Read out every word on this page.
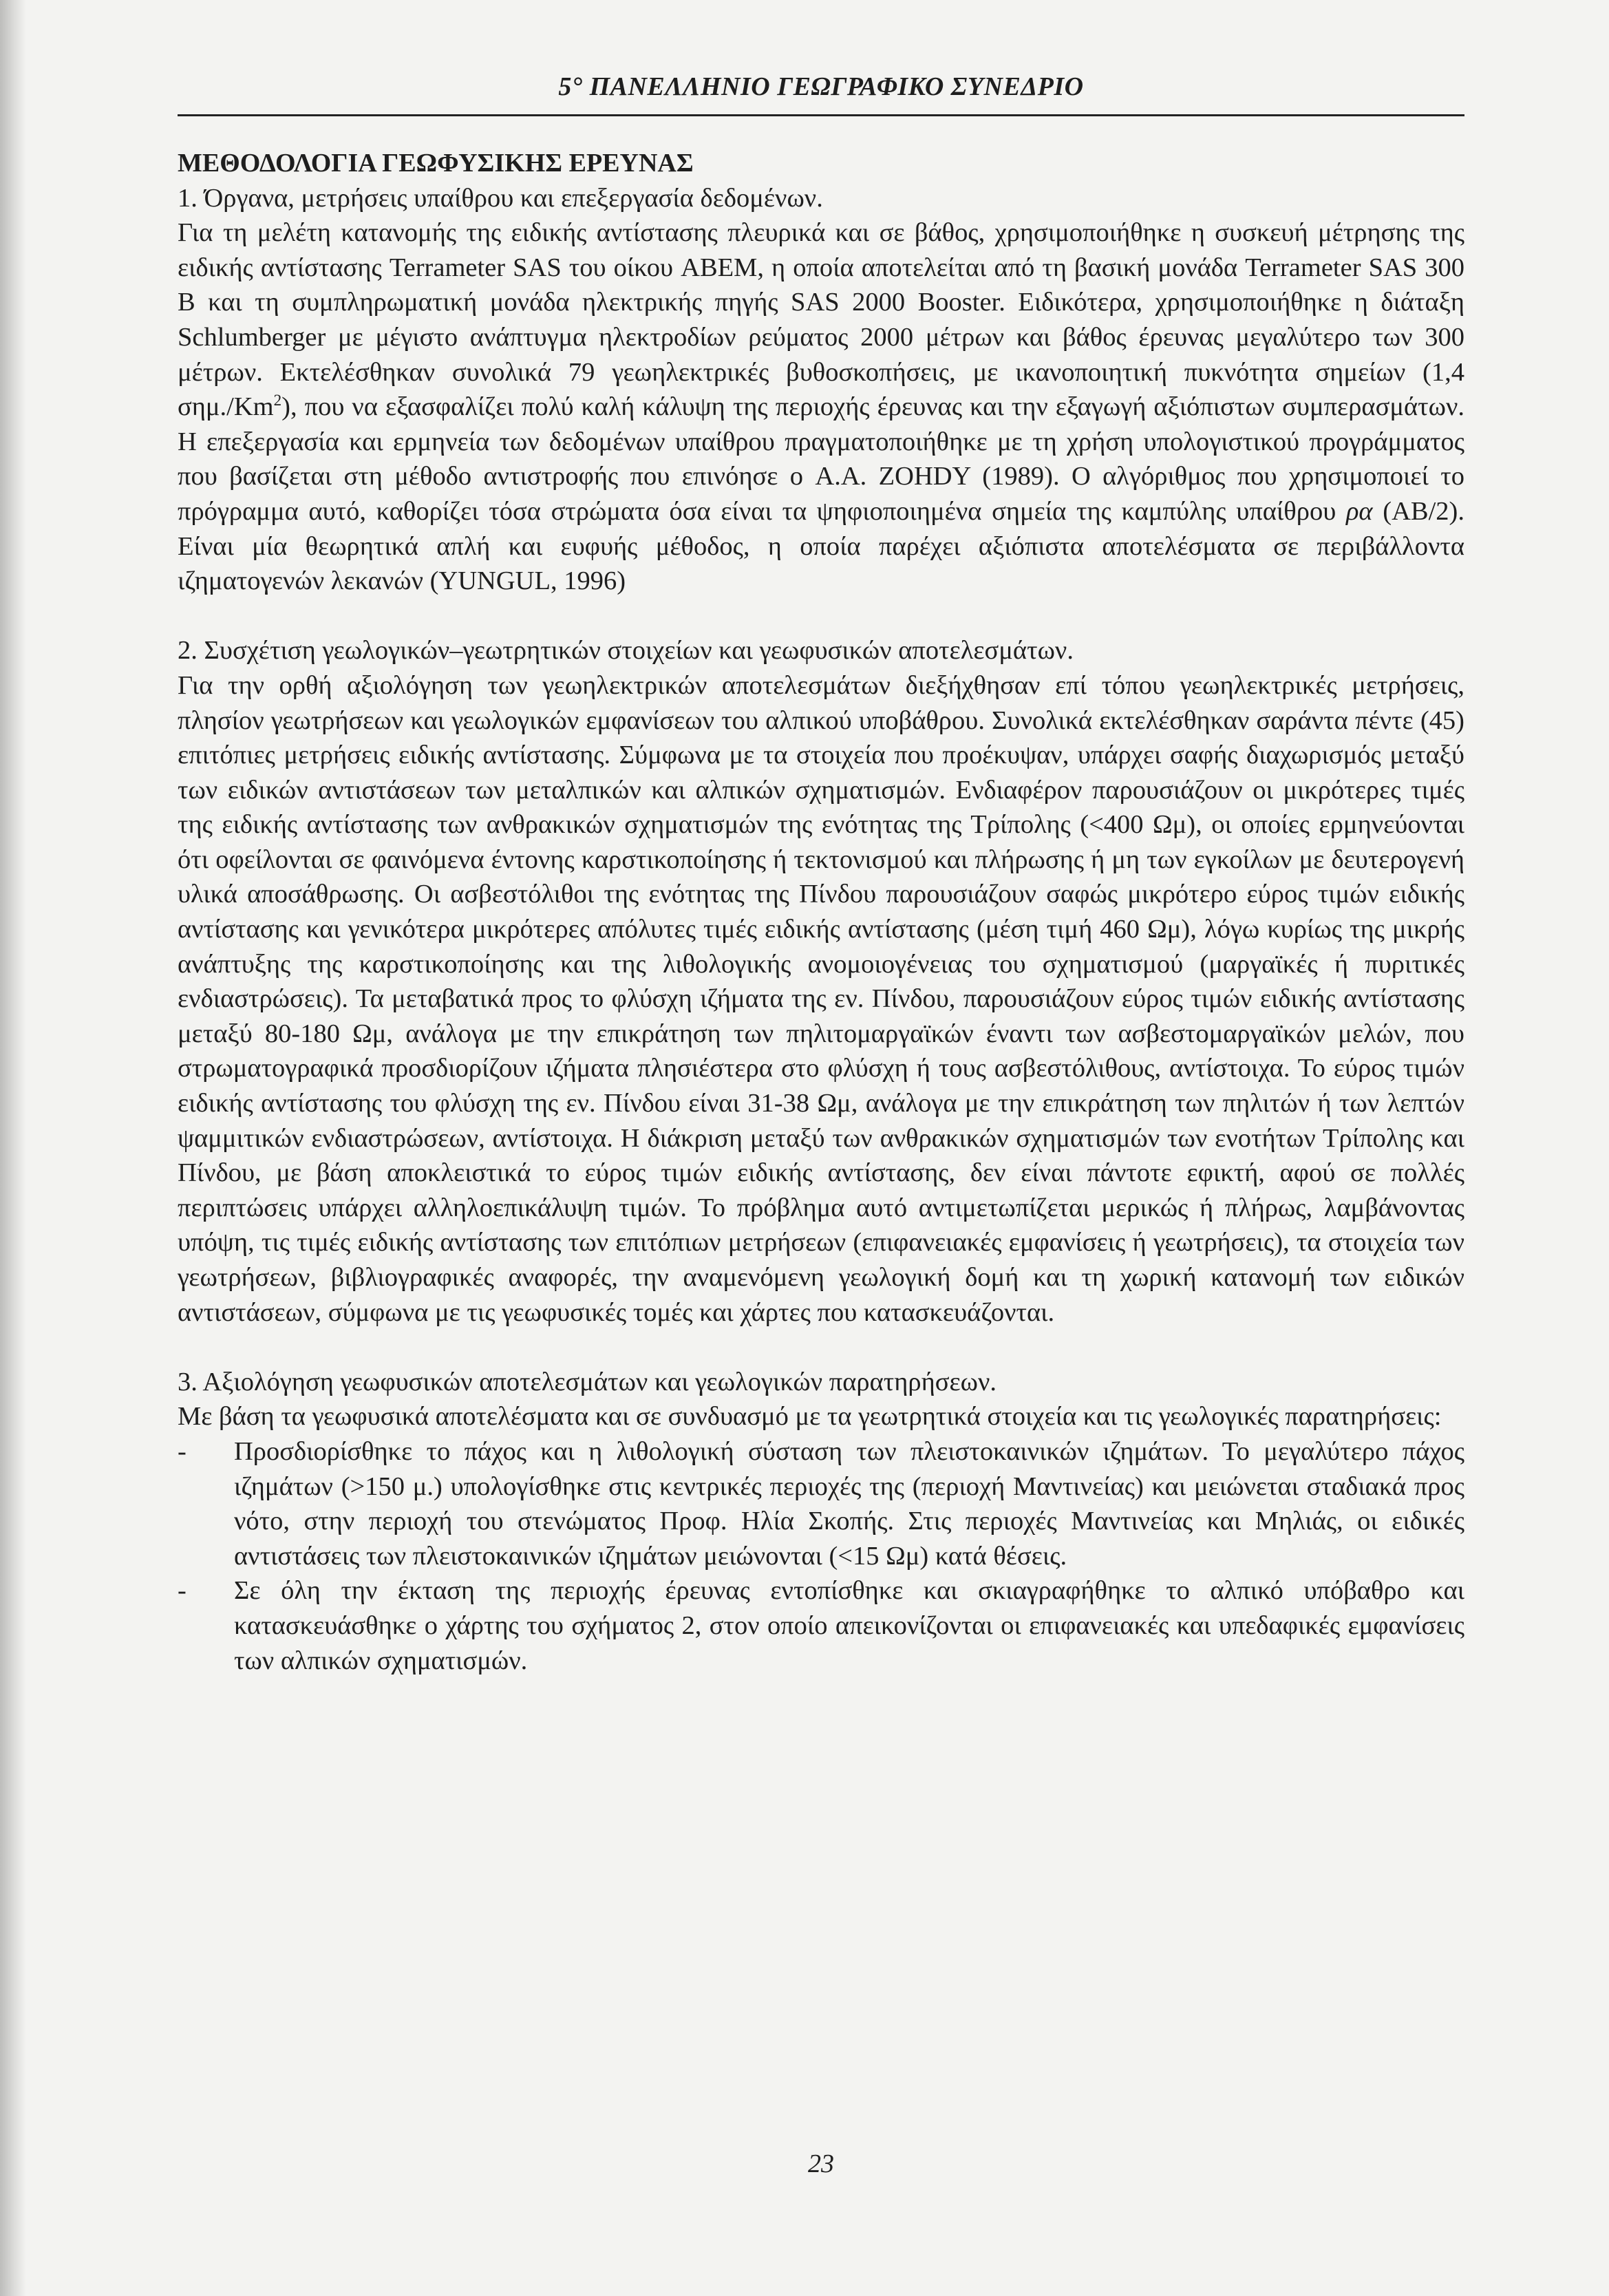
5° ΠΑΝΕΛΛΗΝΙΟ ΓΕΩΓΡΑΦΙΚΟ ΣΥΝΕΔΡΙΟ

ΜΕΘΟΔΟΛΟΓΙΑ ΓΕΩΦΥΣΙΚΗΣ ΕΡΕΥΝΑΣ

1. Όργανα, μετρήσεις υπαίθρου και επεξεργασία δεδομένων.

Για τη μελέτη κατανομής της ειδικής αντίστασης πλευρικά και σε βάθος, χρησιμοποιήθηκε η συσκευή μέτρησης της ειδικής αντίστασης Terrameter SAS του οίκου ABEM, η οποία αποτελείται από τη βασική μονάδα Terrameter SAS 300 B και τη συμπληρωματική μονάδα ηλεκτρικής πηγής SAS 2000 Booster. Ειδικότερα, χρησιμοποιήθηκε η διάταξη Schlumberger με μέγιστο ανάπτυγμα ηλεκτροδίων ρεύματος 2000 μέτρων και βάθος έρευνας μεγαλύτερο των 300 μέτρων. Εκτελέσθηκαν συνολικά 79 γεωηλεκτρικές βυθοσκοπήσεις, με ικανοποιητική πυκνότητα σημείων (1,4 σημ./Km$^2$), που να εξασφαλίζει πολύ καλή κάλυψη της περιοχής έρευνας και την εξαγωγή αξιόπιστων συμπερασμάτων. Η επεξεργασία και ερμηνεία των δεδομένων υπαίθρου πραγματοποιήθηκε με τη χρήση υπολογιστικού προγράμματος που βασίζεται στη μέθοδο αντιστροφής που επινόησε ο A.A. ZOHDY (1989). Ο αλγόριθμος που χρησιμοποιεί το πρόγραμμα αυτό, καθορίζει τόσα στρώματα όσα είναι τα ψηφιοποιημένα σημεία της καμπύλης υπαίθρου ρα (AB/2). Είναι μία θεωρητικά απλή και ευφυής μέθοδος, η οποία παρέχει αξιόπιστα αποτελέσματα σε περιβάλλοντα ιζηματογενών λεκανών (YUNGUL, 1996)

2. Συσχέτιση γεωλογικών–γεωτρητικών στοιχείων και γεωφυσικών αποτελεσμάτων.

Για την ορθή αξιολόγηση των γεωηλεκτρικών αποτελεσμάτων διεξήχθησαν επί τόπου γεωηλεκτρικές μετρήσεις, πλησίον γεωτρήσεων και γεωλογικών εμφανίσεων του αλπικού υποβάθρου. Συνολικά εκτελέσθηκαν σαράντα πέντε (45) επιτόπιες μετρήσεις ειδικής αντίστασης. Σύμφωνα με τα στοιχεία που προέκυψαν, υπάρχει σαφής διαχωρισμός μεταξύ των ειδικών αντιστάσεων των μεταλπικών και αλπικών σχηματισμών. Ενδιαφέρον παρουσιάζουν οι μικρότερες τιμές της ειδικής αντίστασης των ανθρακικών σχηματισμών της ενότητας της Τρίπολης (<400 Ωμ), οι οποίες ερμηνεύονται ότι οφείλονται σε φαινόμενα έντονης καρστικοποίησης ή τεκτονισμού και πλήρωσης ή μη των εγκοίλων με δευτερογενή υλικά αποσάθρωσης. Οι ασβεστόλιθοι της ενότητας της Πίνδου παρουσιάζουν σαφώς μικρότερο εύρος τιμών ειδικής αντίστασης και γενικότερα μικρότερες απόλυτες τιμές ειδικής αντίστασης (μέση τιμή 460 Ωμ), λόγω κυρίως της μικρής ανάπτυξης της καρστικοποίησης και της λιθολογικής ανομοιογένειας του σχηματισμού (μαργαϊκές ή πυριτικές ενδιαστρώσεις). Τα μεταβατικά προς το φλύσχη ιζήματα της εν. Πίνδου, παρουσιάζουν εύρος τιμών ειδικής αντίστασης μεταξύ 80-180 Ωμ, ανάλογα με την επικράτηση των πηλιτομαργαϊκών έναντι των ασβεστομαργαϊκών μελών, που στρωματογραφικά προσδιορίζουν ιζήματα πλησιέστερα στο φλύσχη ή τους ασβεστόλιθους, αντίστοιχα. Το εύρος τιμών ειδικής αντίστασης του φλύσχη της εν. Πίνδου είναι 31-38 Ωμ, ανάλογα με την επικράτηση των πηλιτών ή των λεπτών ψαμμιτικών ενδιαστρώσεων, αντίστοιχα. Η διάκριση μεταξύ των ανθρακικών σχηματισμών των ενοτήτων Τρίπολης και Πίνδου, με βάση αποκλειστικά το εύρος τιμών ειδικής αντίστασης, δεν είναι πάντοτε εφικτή, αφού σε πολλές περιπτώσεις υπάρχει αλληλοεπικάλυψη τιμών. Το πρόβλημα αυτό αντιμετωπίζεται μερικώς ή πλήρως, λαμβάνοντας υπόψη, τις τιμές ειδικής αντίστασης των επιτόπιων μετρήσεων (επιφανειακές εμφανίσεις ή γεωτρήσεις), τα στοιχεία των γεωτρήσεων, βιβλιογραφικές αναφορές, την αναμενόμενη γεωλογική δομή και τη χωρική κατανομή των ειδικών αντιστάσεων, σύμφωνα με τις γεωφυσικές τομές και χάρτες που κατασκευάζονται.

3. Αξιολόγηση γεωφυσικών αποτελεσμάτων και γεωλογικών παρατηρήσεων.

Με βάση τα γεωφυσικά αποτελέσματα και σε συνδυασμό με τα γεωτρητικά στοιχεία και τις γεωλογικές παρατηρήσεις:

- Προσδιορίσθηκε το πάχος και η λιθολογική σύσταση των πλειστοκαινικών ιζημάτων. Το μεγαλύτερο πάχος ιζημάτων (>150 μ.) υπολογίσθηκε στις κεντρικές περιοχές της (περιοχή Μαντινείας) και μειώνεται σταδιακά προς νότο, στην περιοχή του στενώματος Προφ. Ηλία Σκοπής. Στις περιοχές Μαντινείας και Μηλιάς, οι ειδικές αντιστάσεις των πλειστοκαινικών ιζημάτων μειώνονται (<15 Ωμ) κατά θέσεις.
- Σε όλη την έκταση της περιοχής έρευνας εντοπίσθηκε και σκιαγραφήθηκε το αλπικό υπόβαθρο και κατασκευάσθηκε ο χάρτης του σχήματος 2, στον οποίο απεικονίζονται οι επιφανειακές και υπεδαφικές εμφανίσεις των αλπικών σχηματισμών.
23
